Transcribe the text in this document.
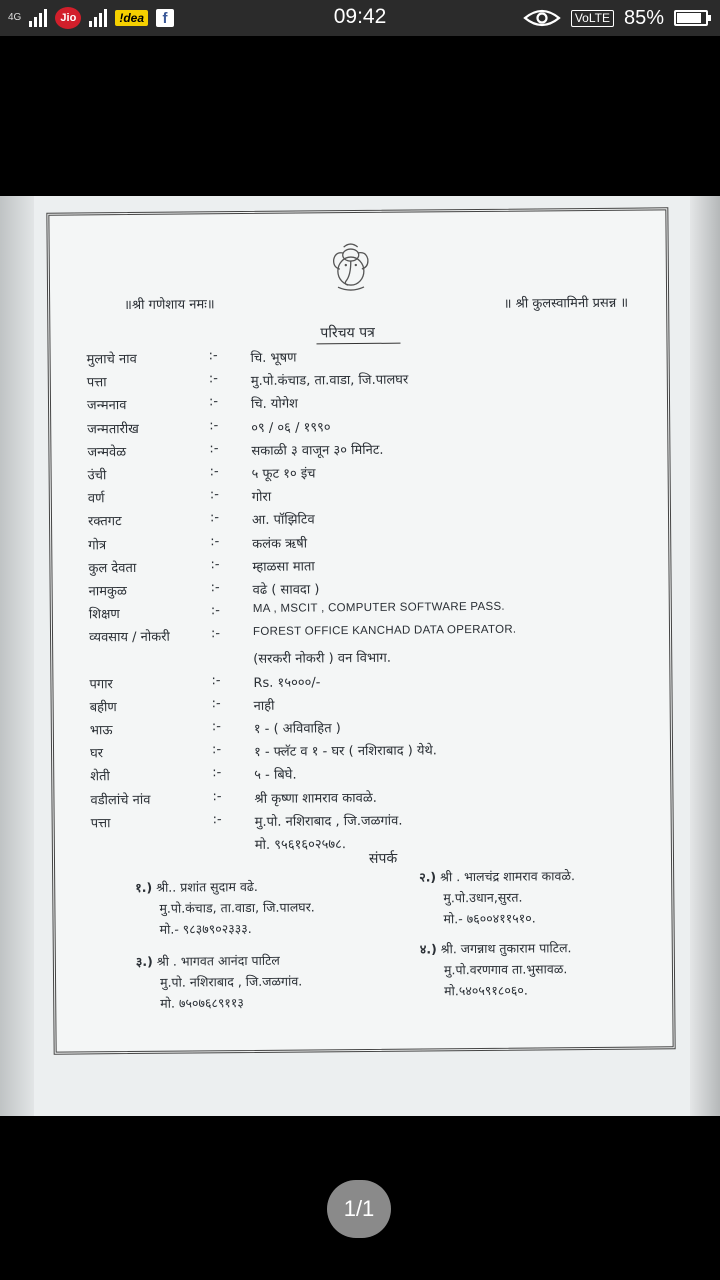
4G	Jio	!dea	f	09:42	VoLTE 85%
॥श्री गणेशाय नमः॥	॥ श्री कुलस्वामिनी प्रसन्न ॥
परिचय पत्र
मुलाचे नाव	:-	चि. भूषण
पत्ता	:-	मु.पो.कंचाड, ता.वाडा, जि.पालघर
जन्मनाव	:-	चि. योगेश
जन्मतारीख	:-	०९ / ०६ / १९९०
जन्मवेळ	:-	सकाळी ३ वाजून ३० मिनिट.
उंची	:-	५ फूट १० इंच
वर्ण	:-	गोरा
रक्तगट	:-	आ. पॉझिटिव
गोत्र	:-	कलंक ऋषी
कुल देवता	:-	म्हाळसा माता
नामकुळ	:-	वढे ( सावदा )
शिक्षण	:-	MA , MSCIT , COMPUTER SOFTWARE PASS.
व्यवसाय / नोकरी	:-	FOREST OFFICE KANCHAD DATA OPERATOR.
(सरकरी नोकरी ) वन विभाग.
पगार	:-	Rs. १५०००/-
बहीण	:-	नाही
भाऊ	:-	१ - ( अविवाहित )
घर	:-	१ - फ्लॅट व १ - घर ( नशिराबाद ) येथे.
शेती	:-	५ - बिघे.
वडीलांचे नांव	:-	श्री कृष्णा शामराव कावळे.
पत्ता	:-	मु.पो. नशिराबाद , जि.जळगांव.
मो. ९५६१६०२५७८.
संपर्क
१.) श्री.. प्रशांत सुदाम वढे.
मु.पो.कंचाड, ता.वाडा, जि.पालघर.
मो.- ९८३७९०२३३३.
२.) श्री . भालचंद्र शामराव कावळे.
मु.पो.उधान,सुरत.
मो.- ७६००४११५१०.
३.) श्री . भागवत आनंदा पाटिल
मु.पो. नशिराबाद , जि.जळगांव.
मो. ७५०७६८९११३
४.) श्री. जगन्नाथ तुकाराम पाटिल.
मु.पो.वरणगाव ता.भुसावळ.
मो.५४०५९१८०६०.
1/1
